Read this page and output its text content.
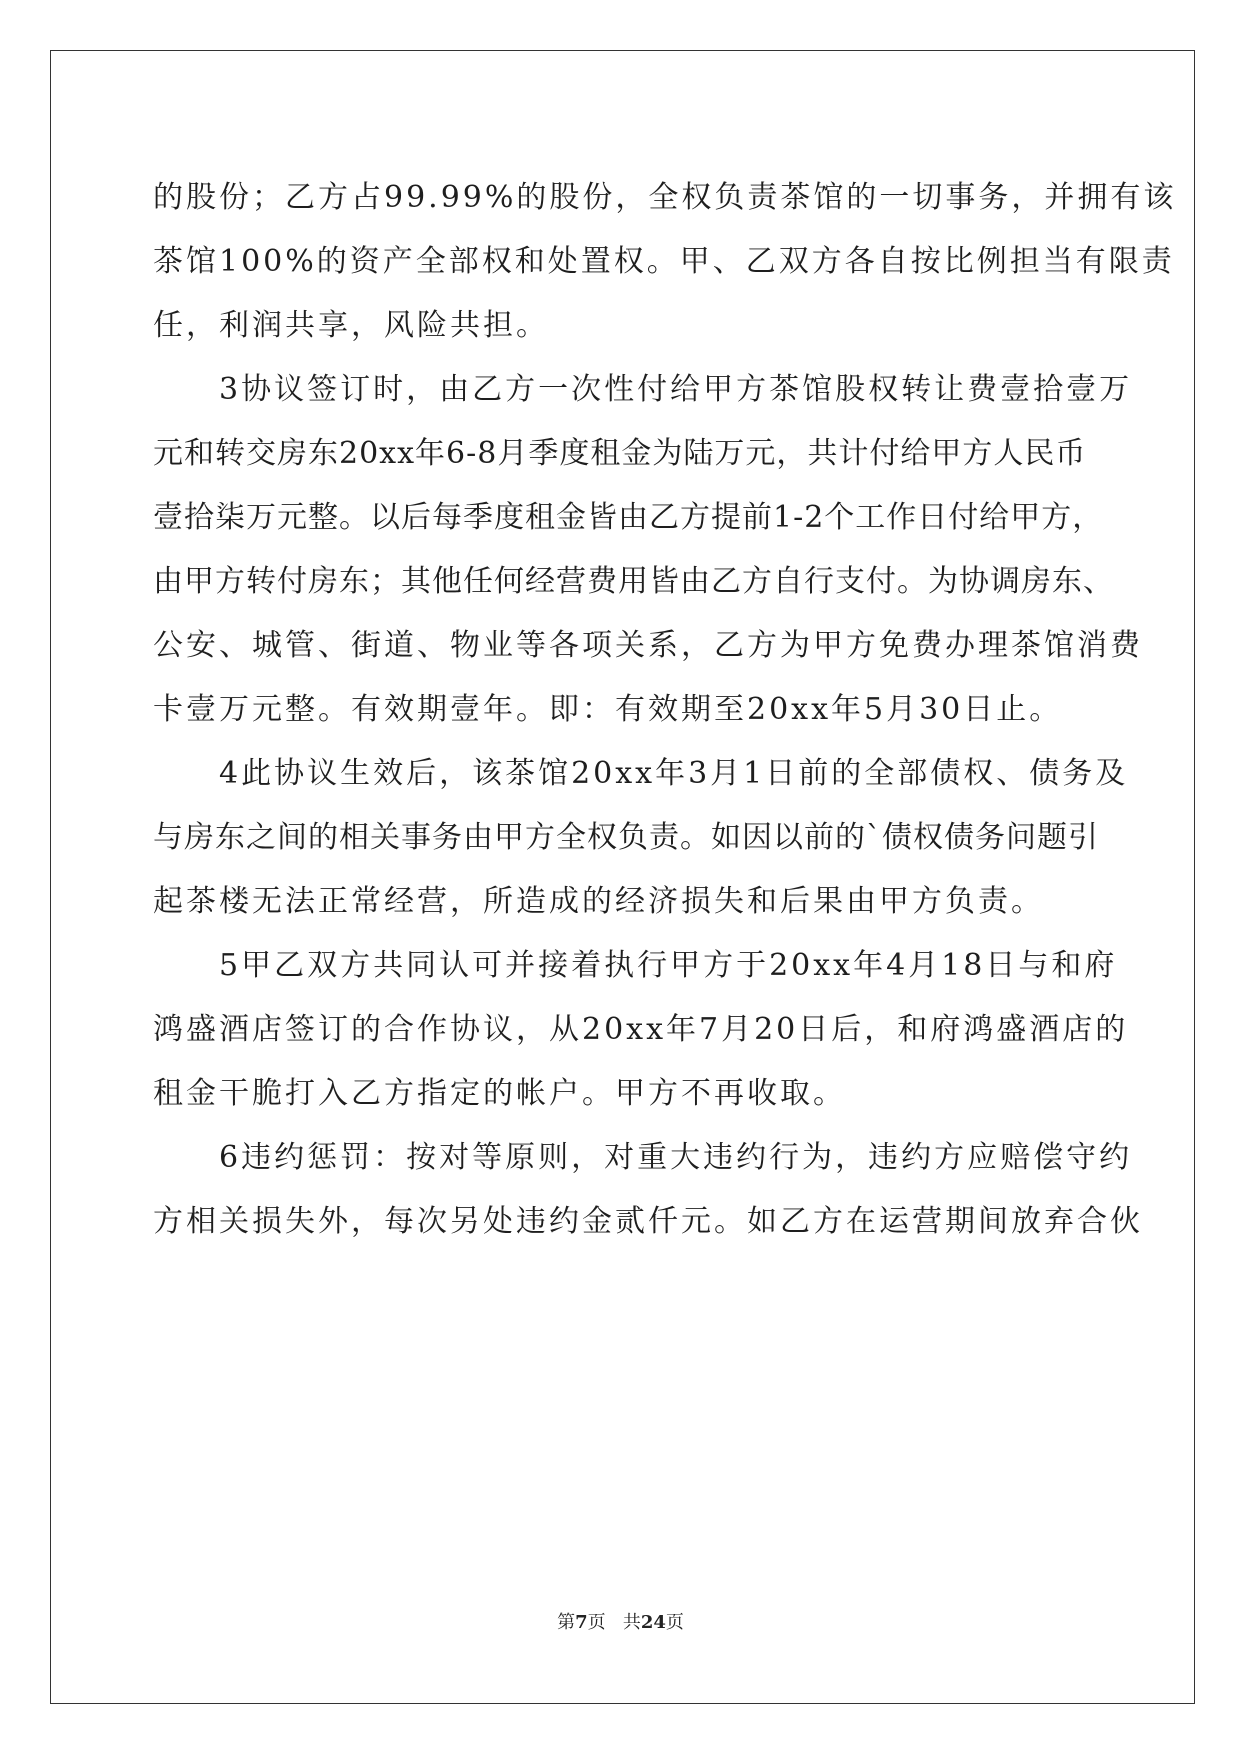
的股份；乙方占99.99%的股份，全权负责茶馆的一切事务，并拥有该
茶馆100%的资产全部权和处置权。甲、乙双方各自按比例担当有限责
任，利润共享，风险共担。
　　3协议签订时，由乙方一次性付给甲方茶馆股权转让费壹拾壹万
元和转交房东20xx年6-8月季度租金为陆万元，共计付给甲方人民币
壹拾柒万元整。以后每季度租金皆由乙方提前1-2个工作日付给甲方，
由甲方转付房东；其他任何经营费用皆由乙方自行支付。为协调房东、
公安、城管、街道、物业等各项关系，乙方为甲方免费办理茶馆消费
卡壹万元整。有效期壹年。即：有效期至20xx年5月30日止。
　　4此协议生效后，该茶馆20xx年3月1日前的全部债权、债务及
与房东之间的相关事务由甲方全权负责。如因以前的`债权债务问题引
起茶楼无法正常经营，所造成的经济损失和后果由甲方负责。
　　5甲乙双方共同认可并接着执行甲方于20xx年4月18日与和府
鸿盛酒店签订的合作协议，从20xx年7月20日后，和府鸿盛酒店的
租金干脆打入乙方指定的帐户。甲方不再收取。
　　6违约惩罚：按对等原则，对重大违约行为，违约方应赔偿守约
方相关损失外，每次另处违约金贰仟元。如乙方在运营期间放弃合伙
第7页 共24页
